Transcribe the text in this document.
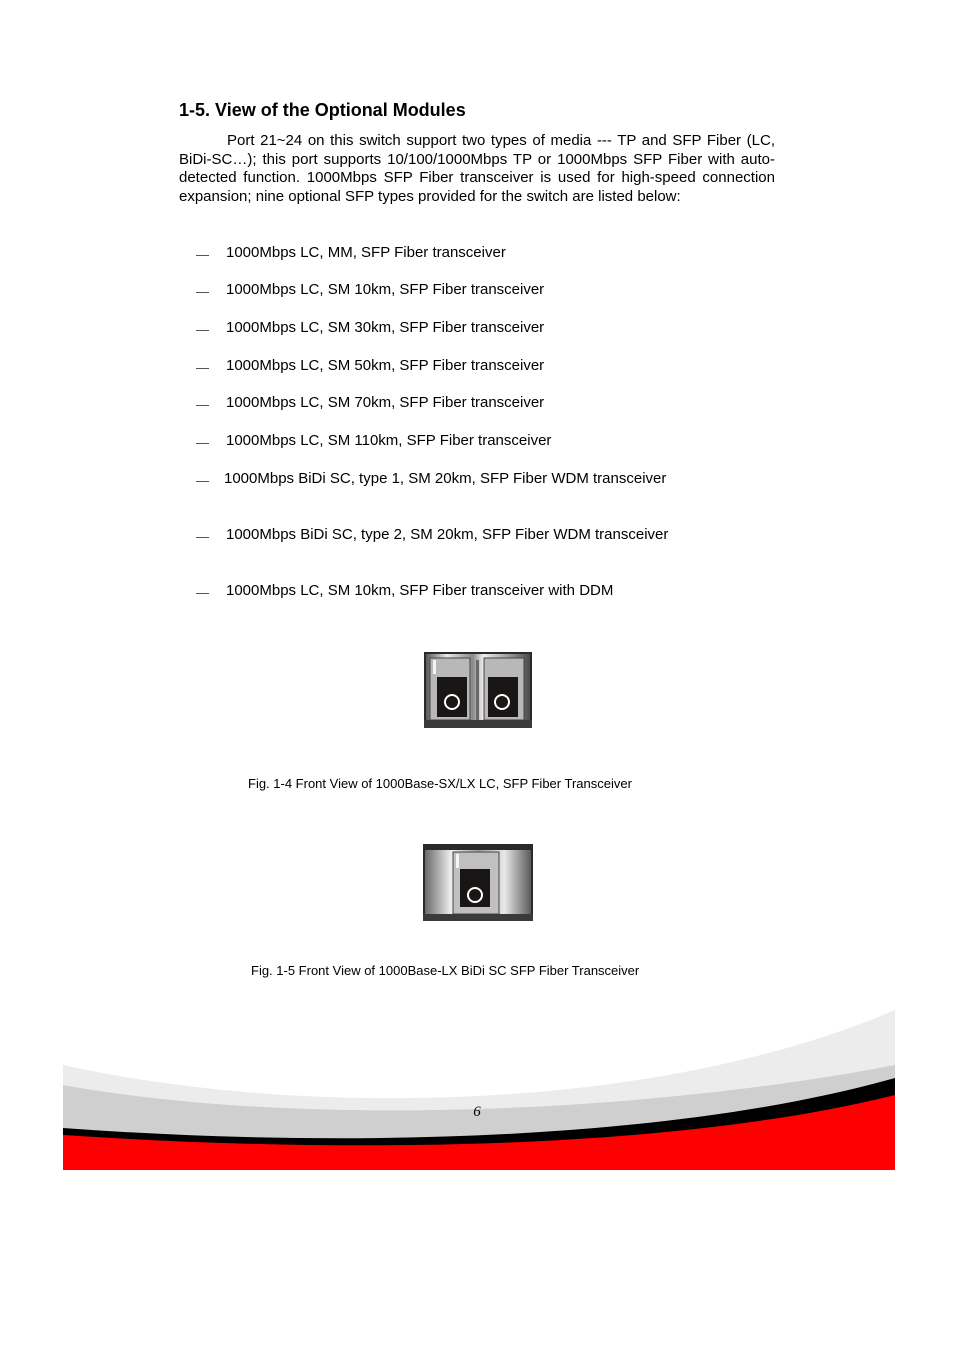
1-5. View of the Optional Modules

Port 21~24 on this switch support two types of media --- TP and SFP Fiber (LC, BiDi-SC…); this port supports 10/100/1000Mbps TP or 1000Mbps SFP Fiber with auto-detected function. 1000Mbps SFP Fiber transceiver is used for high-speed connection expansion; nine optional SFP types provided for the switch are listed below:

1000Mbps LC, MM, SFP Fiber transceiver
1000Mbps LC, SM 10km, SFP Fiber transceiver
1000Mbps LC, SM 30km, SFP Fiber transceiver
1000Mbps LC, SM 50km, SFP Fiber transceiver
1000Mbps LC, SM 70km, SFP Fiber transceiver
1000Mbps LC, SM 110km, SFP Fiber transceiver
1000Mbps BiDi SC, type 1, SM 20km, SFP Fiber WDM transceiver
1000Mbps BiDi SC, type 2, SM 20km, SFP Fiber WDM transceiver
1000Mbps LC, SM 10km, SFP Fiber transceiver with DDM
Fig. 1-4 Front View of 1000Base-SX/LX LC, SFP Fiber Transceiver
Fig. 1-5 Front View of 1000Base-LX BiDi SC SFP Fiber Transceiver
6
